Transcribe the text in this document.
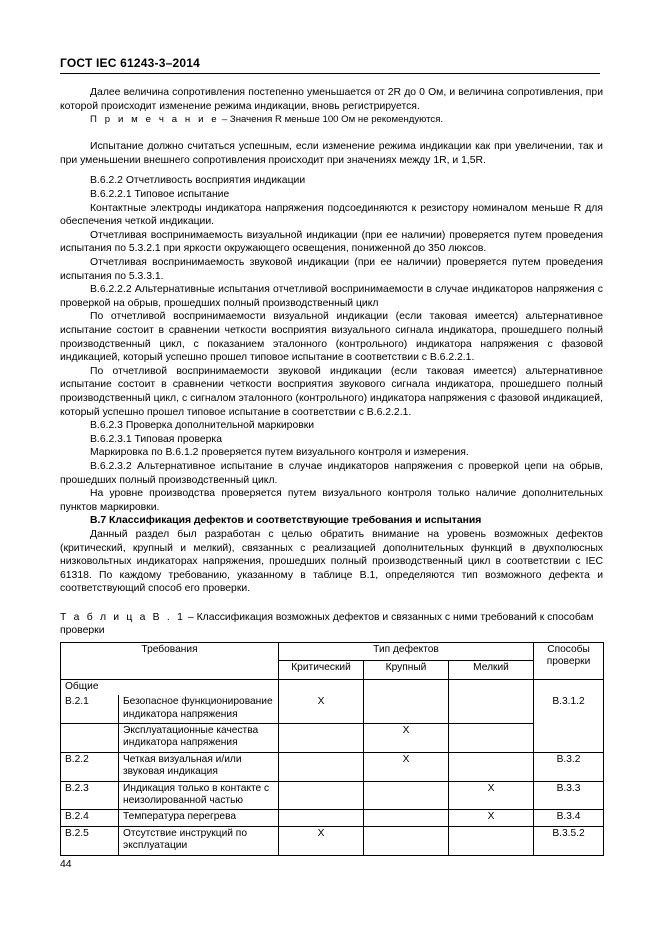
ГОСТ IEC 61243-3–2014

Далее величина сопротивления постепенно уменьшается от 2R до 0 Ом, и величина сопротивления, при которой происходит изменение режима индикации, вновь регистрируется.

П р и м е ч а н и е – Значения R меньше 100 Ом не рекомендуются.

Испытание должно считаться успешным, если изменение режима индикации как при увеличении, так и при уменьшении внешнего сопротивления происходит при значениях между 1R, и 1,5R.

В.6.2.2 Отчетливость восприятия индикации

В.6.2.2.1 Типовое испытание

Контактные электроды индикатора напряжения подсоединяются к резистору номиналом меньше R для обеспечения четкой индикации.

Отчетливая воспринимаемость визуальной индикации (при ее наличии) проверяется путем проведения испытания по 5.3.2.1 при яркости окружающего освещения, пониженной до 350 люксов.

Отчетливая воспринимаемость звуковой индикации (при ее наличии) проверяется путем проведения испытания по 5.3.3.1.

В.6.2.2.2 Альтернативные испытания отчетливой воспринимаемости в случае индикаторов напряжения с проверкой на обрыв, прошедших полный производственный цикл

По отчетливой воспринимаемости визуальной индикации (если таковая имеется) альтернативное испытание состоит в сравнении четкости восприятия визуального сигнала индикатора, прошедшего полный производственный цикл, с показанием эталонного (контрольного) индикатора напряжения с фазовой индикацией, который успешно прошел типовое испытание в соответствии с В.6.2.2.1.

По отчетливой воспринимаемости звуковой индикации (если таковая имеется) альтернативное испытание состоит в сравнении четкости восприятия звукового сигнала индикатора, прошедшего полный производственный цикл, с сигналом эталонного (контрольного) индикатора напряжения с фазовой индикацией, который успешно прошел типовое испытание в соответствии с В.6.2.2.1.

В.6.2.3 Проверка дополнительной маркировки

В.6.2.3.1 Типовая проверка

Маркировка по В.6.1.2 проверяется путем визуального контроля и измерения.

В.6.2.3.2 Альтернативное испытание в случае индикаторов напряжения с проверкой цепи на обрыв, прошедших полный производственный цикл.

На уровне производства проверяется путем визуального контроля только наличие дополнительных пунктов маркировки.

В.7 Классификация дефектов и соответствующие требования и испытания

Данный раздел был разработан с целью обратить внимание на уровень возможных дефектов (критический, крупный и мелкий), связанных с реализацией дополнительных функций в двухполюсных низковольтных индикаторах напряжения, прошедших полный производственный цикл в соответствии с IEC 61318. По каждому требованию, указанному в таблице В.1, определяются тип возможного дефекта и соответствующий способ его проверки.

Т а б л и ц а В . 1 – Классификация возможных дефектов и связанных с ними требований к способам проверки
Требования		Тип дефектов			Способы проверки
		Критический	Крупный	Мелкий	
Общие					
B.2.1	Безопасное функционирование индикатора напряжения	X			B.3.1.2
	Эксплуатационные качества индикатора напряжения		X		
B.2.2	Четкая визуальная и/или звуковая индикация		X		B.3.2
B.2.3	Индикация только в контакте с неизолированной частью			X	B.3.3
B.2.4	Температура перегрева			X	B.3.4
B.2.5	Отсутствие инструкций по эксплуатации	X			B.3.5.2
44
